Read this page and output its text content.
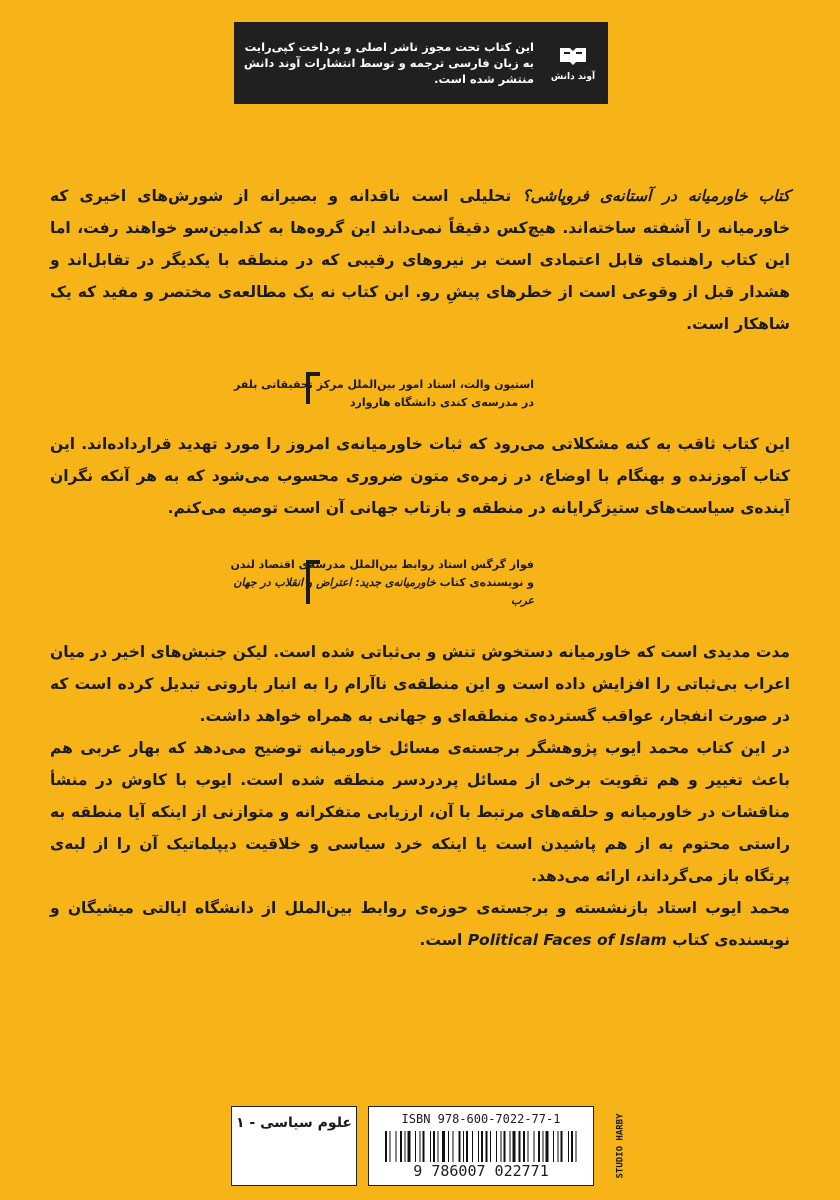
آوند دانش
این کتاب تحت مجوز ناشر اصلی و پرداخت کپی‌رایت به زبان فارسی ترجمه و توسط انتشارات آوند دانش منتشر شده است.

کتاب خاورمیانه در آستانه‌ی فروپاشی؟ تحلیلی است ناقدانه و بصیرانه از شورش‌های اخیری که خاورمیانه را آشفته ساخته‌اند. هیچ‌کس دقیقاً نمی‌داند این گروه‌ها به کدامین‌سو خواهند رفت، اما این کتاب راهنمای قابل اعتمادی است بر نیروهای رقیبی که در منطقه با یکدیگر در تقابل‌اند و هشدار قبل از وقوعی است از خطرهای پیشِ رو. این کتاب نه یک مطالعه‌ی مختصر و مفید که یک شاهکار است.

استیون والت، استاد امور بین‌الملل مرکز تحقیقاتی بلفر در مدرسه‌ی کندی دانشگاه هاروارد

این کتاب ثاقب به کنه مشکلاتی می‌رود که ثبات خاورمیانه‌ی امروز را مورد تهدید قرارداده‌اند. این کتاب آموزنده و بهنگام با اوضاع، در زمره‌ی متون ضروری محسوب می‌شود که به هر آنکه نگران آینده‌ی سیاست‌های ستیزگرایانه در منطقه و بازتاب جهانی آن است توصیه می‌کنم.

فواز گرگس استاد روابط بین‌الملل مدرسه‌ی اقتصاد لندن و نویسنده‌ی کتاب خاورمیانه‌ی جدید: اعتراض و انقلاب در جهان عرب

مدت مدیدی است که خاورمیانه دستخوش تنش و بی‌ثباتی شده است. لیکن جنبش‌های اخیر در میان اعراب بی‌ثباتی را افزایش داده است و این منطقه‌ی ناآرام را به انبار باروتی تبدیل کرده است که در صورت انفجار، عواقب گسترده‌ی منطقه‌ای و جهانی به همراه خواهد داشت.

در این کتاب محمد ایوب پژوهشگر برجسته‌ی مسائل خاورمیانه توضیح می‌دهد که بهار عربی هم باعث تغییر و هم تقویت برخی از مسائل پردردسر منطقه شده است. ایوب با کاوش در منشأ مناقشات در خاورمیانه و حلقه‌های مرتبط با آن، ارزیابی متفکرانه و متوازنی از اینکه آیا منطقه به راستی محتوم به از هم پاشیدن است یا اینکه خرد سیاسی و خلاقیت دیپلماتیک آن را از لبه‌ی پرتگاه باز می‌گرداند، ارائه می‌دهد.

محمد ایوب استاد بازنشسته و برجسته‌ی حوزه‌ی روابط بین‌الملل از دانشگاه ایالتی میشیگان و نویسنده‌ی کتاب Political Faces of Islam است.

علوم سیاسی - ۱	ISBN 978-600-7022-77-1
9 786007 022771	STUDIO HARBY
